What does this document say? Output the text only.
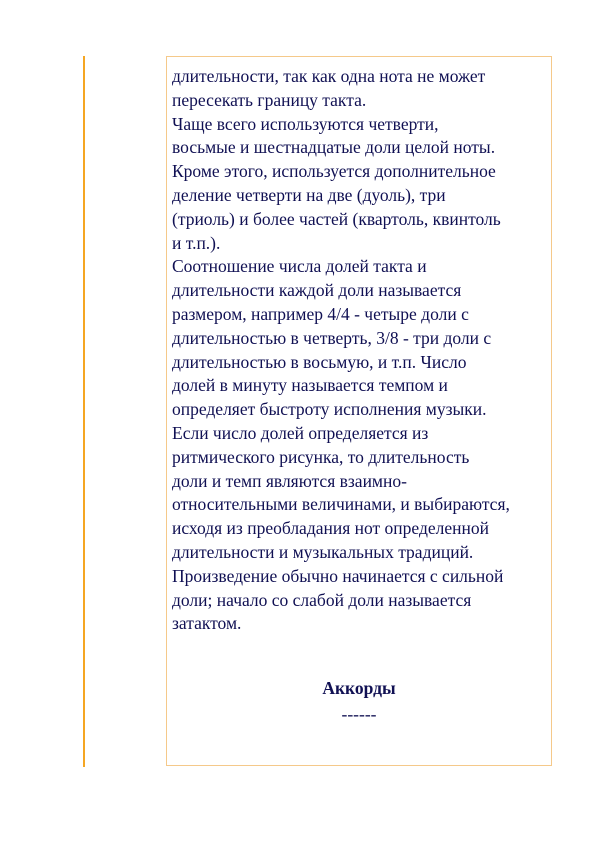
длительности, так как одна нота не может
пересекать границу такта.
Чаще всего используются четверти,
восьмые и шестнадцатые доли целой ноты.
Кроме этого, используется дополнительное
деление четверти на две (дуоль), три
(триоль) и более частей (квартоль, квинтоль
и т.п.).
Соотношение числа долей такта и
длительности каждой доли называется
размером, например 4/4 - четыре доли с
длительностью в четверть, 3/8 - три доли с
длительностью в восьмую, и т.п. Число
долей в минуту называется темпом и
определяет быстроту исполнения музыки.
Если число долей определяется из
ритмического рисунка, то длительность
доли и темп являются взаимно-
относительными величинами, и выбираются,
исходя из преобладания нот определенной
длительности и музыкальных традиций.
Произведение обычно начинается с сильной
доли; начало со слабой доли называется
затактом.
Аккорды
------
